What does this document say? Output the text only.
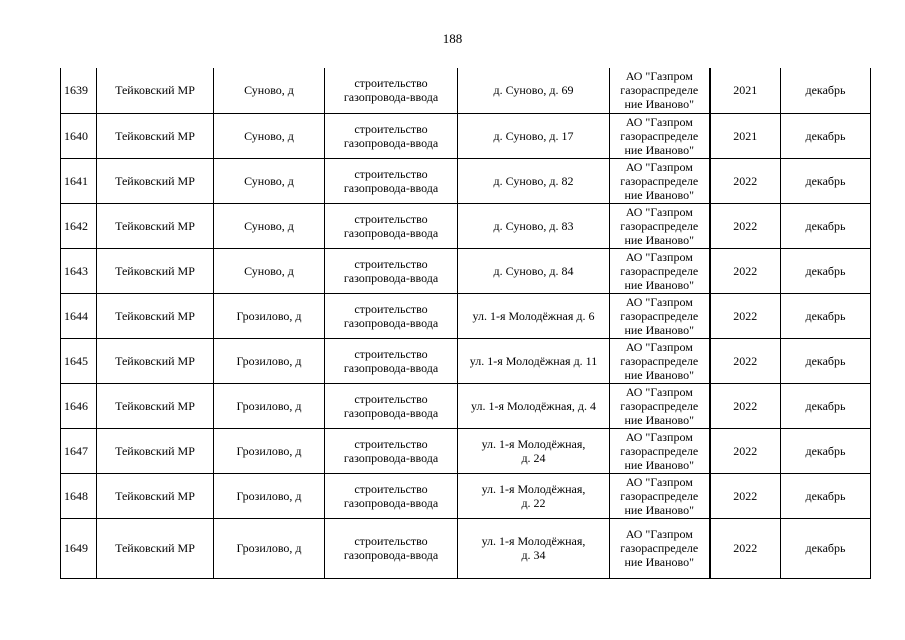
188
1639	Тейковский МР	Суново, д	строительство
газопровода-ввода	д. Суново, д. 69	АО "Газпром
газораспределе
ние Иваново"	2021	декабрь
1640	Тейковский МР	Суново, д	строительство
газопровода-ввода	д. Суново, д. 17	АО "Газпром
газораспределе
ние Иваново"	2021	декабрь
1641	Тейковский МР	Суново, д	строительство
газопровода-ввода	д. Суново, д. 82	АО "Газпром
газораспределе
ние Иваново"	2022	декабрь
1642	Тейковский МР	Суново, д	строительство
газопровода-ввода	д. Суново, д. 83	АО "Газпром
газораспределе
ние Иваново"	2022	декабрь
1643	Тейковский МР	Суново, д	строительство
газопровода-ввода	д. Суново, д. 84	АО "Газпром
газораспределе
ние Иваново"	2022	декабрь
1644	Тейковский МР	Грозилово, д	строительство
газопровода-ввода	ул. 1-я Молодёжная д. 6	АО "Газпром
газораспределе
ние Иваново"	2022	декабрь
1645	Тейковский МР	Грозилово, д	строительство
газопровода-ввода	ул. 1-я Молодёжная д. 11	АО "Газпром
газораспределе
ние Иваново"	2022	декабрь
1646	Тейковский МР	Грозилово, д	строительство
газопровода-ввода	ул. 1-я Молодёжная, д. 4	АО "Газпром
газораспределе
ние Иваново"	2022	декабрь
1647	Тейковский МР	Грозилово, д	строительство
газопровода-ввода	ул. 1-я Молодёжная,
д. 24	АО "Газпром
газораспределе
ние Иваново"	2022	декабрь
1648	Тейковский МР	Грозилово, д	строительство
газопровода-ввода	ул. 1-я Молодёжная,
д. 22	АО "Газпром
газораспределе
ние Иваново"	2022	декабрь
1649	Тейковский МР	Грозилово, д	строительство
газопровода-ввода	ул. 1-я Молодёжная,
д. 34	АО "Газпром
газораспределе
ние Иваново"	2022	декабрь
